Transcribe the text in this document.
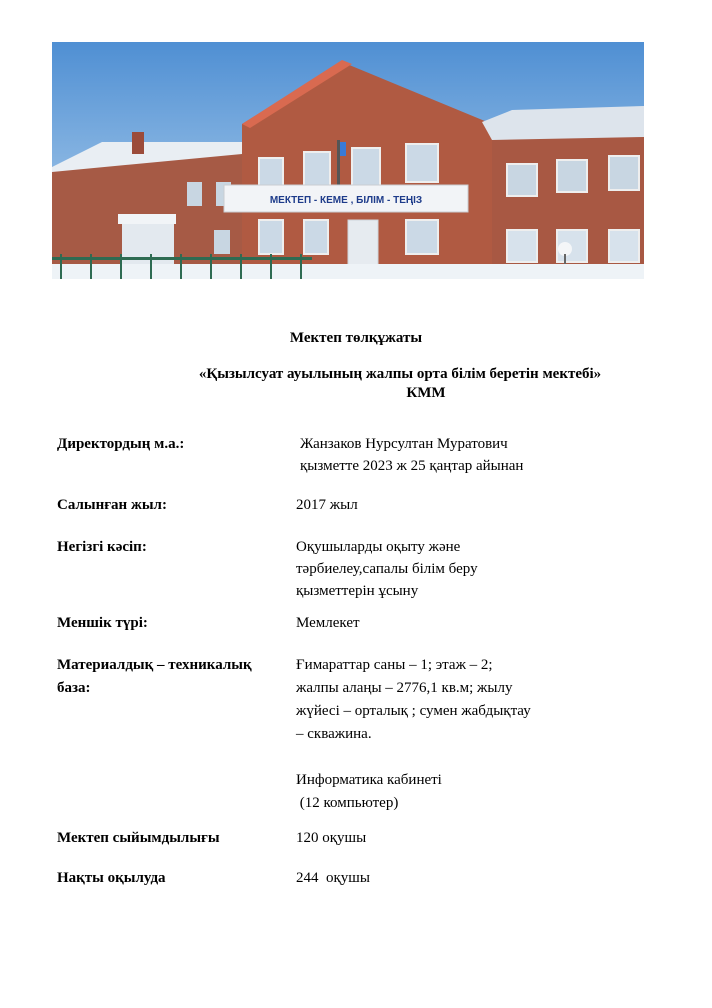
МЕКТЕП - КЕМЕ , БІЛІМ - ТЕҢІЗ
Мектеп төлқұжаты
«Қызылсуат ауылының жалпы орта білім беретін мектебі»
КММ
Директордың м.а.:	Жанзаков Нурсултан Муратович
қызметте 2023 ж 25 қаңтар айынан
Салынған жыл:	2017 жыл
Негізгі кәсіп:	Оқушыларды оқыту және
тәрбиелеу,сапалы білім беру
қызметтерін ұсыну
Меншік түрі:	Мемлекет
Материалдық – техникалық
база:
Ғимараттар саны – 1; этаж – 2;
жалпы алаңы – 2776,1 кв.м; жылу
жүйесі – орталық ; сумен жабдықтау
– скважина.
Информатика кабинеті
(12 компьютер)
Мектеп сыйымдылығы	120 оқушы
Нақты оқылуда	244  оқушы
